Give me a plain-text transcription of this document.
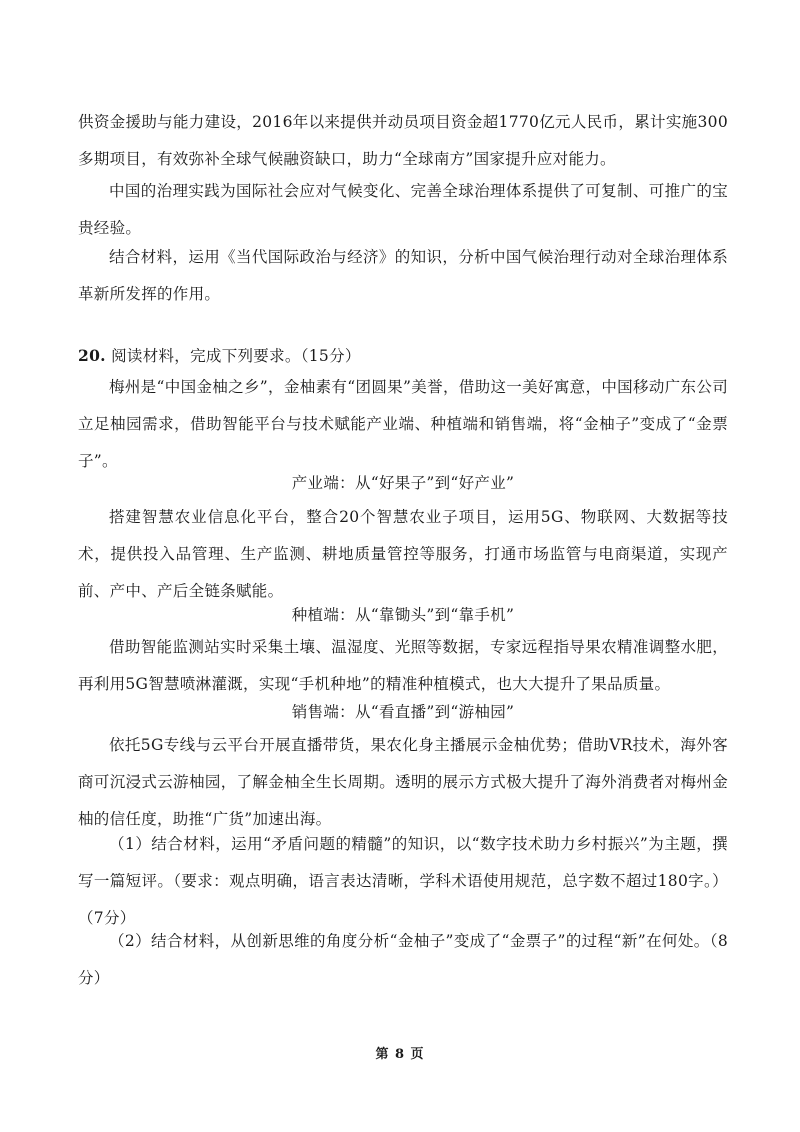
供资金援助与能力建设，2016年以来提供并动员项目资金超1770亿元人民币，累计实施300多期项目，有效弥补全球气候融资缺口，助力“全球南方”国家提升应对能力。

中国的治理实践为国际社会应对气候变化、完善全球治理体系提供了可复制、可推广的宝贵经验。

结合材料，运用《当代国际政治与经济》的知识，分析中国气候治理行动对全球治理体系革新所发挥的作用。

20. 阅读材料，完成下列要求。（15分）

梅州是“中国金柚之乡”，金柚素有“团圆果”美誉，借助这一美好寓意，中国移动广东公司立足柚园需求，借助智能平台与技术赋能产业端、种植端和销售端，将“金柚子”变成了“金票子”。

产业端：从“好果子”到“好产业”

搭建智慧农业信息化平台，整合20个智慧农业子项目，运用5G、物联网、大数据等技术，提供投入品管理、生产监测、耕地质量管控等服务，打通市场监管与电商渠道，实现产前、产中、产后全链条赋能。

种植端：从“靠锄头”到“靠手机”

借助智能监测站实时采集土壤、温湿度、光照等数据，专家远程指导果农精准调整水肥，再利用5G智慧喷淋灌溉，实现“手机种地”的精准种植模式，也大大提升了果品质量。

销售端：从“看直播”到“游柚园”

依托5G专线与云平台开展直播带货，果农化身主播展示金柚优势；借助VR技术，海外客商可沉浸式云游柚园，了解金柚全生长周期。透明的展示方式极大提升了海外消费者对梅州金柚的信任度，助推“广货”加速出海。

（1）结合材料，运用“矛盾问题的精髓”的知识，以“数字技术助力乡村振兴”为主题，撰写一篇短评。（要求：观点明确，语言表达清晰，学科术语使用规范，总字数不超过180字。）（7分）

（2）结合材料，从创新思维的角度分析“金柚子”变成了“金票子”的过程“新”在何处。（8分）

第 8 页
